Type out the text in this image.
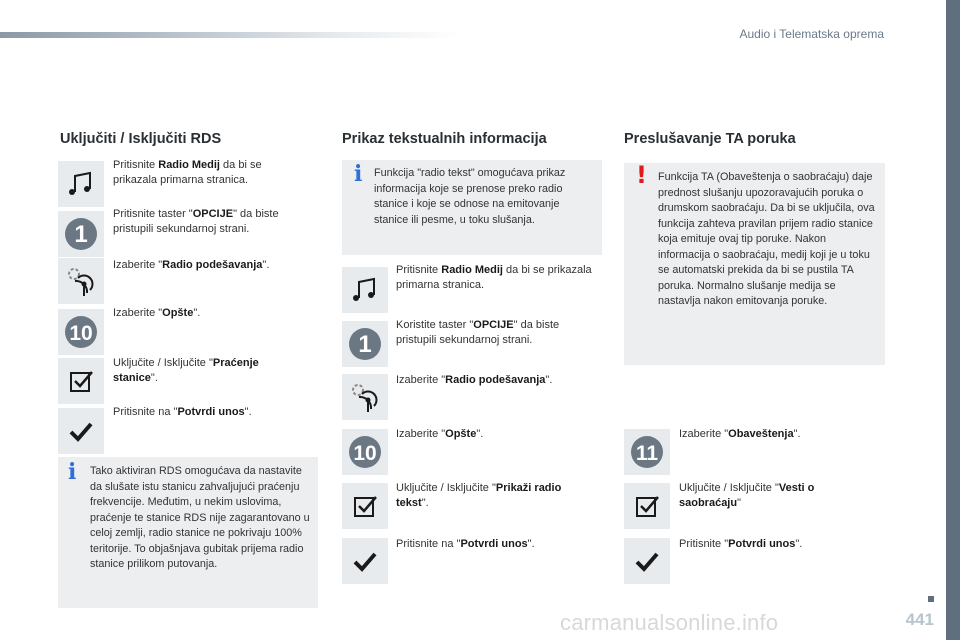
Audio i Telematska oprema
441
carmanualsonline.info
Uključiti / Isključiti RDS
Pritisnite Radio Medij da bi se prikazala primarna stranica.
1
Pritisnite taster "OPCIJE" da biste pristupili sekundarnoj strani.
Izaberite "Radio podešavanja".
10
Izaberite "Opšte".
Uključite / Isključite "Praćenje stanice".
Pritisnite na "Potvrdi unos".
i Tako aktiviran RDS omogućava da nastavite da slušate istu stanicu zahvaljujući praćenju frekvencije. Međutim, u nekim uslovima, praćenje te stanice RDS nije zagarantovano u celoj zemlji, radio stanice ne pokrivaju 100% teritorije. To objašnjava gubitak prijema radio stanice prilikom putovanja.
Prikaz tekstualnih informacija
i Funkcija "radio tekst" omogućava prikaz informacija koje se prenose preko radio stanice i koje se odnose na emitovanje stanice ili pesme, u toku slušanja.
Pritisnite Radio Medij da bi se prikazala primarna stranica.
1
Koristite taster "OPCIJE" da biste pristupili sekundarnoj strani.
Izaberite "Radio podešavanja".
10
Izaberite "Opšte".
Uključite / Isključite "Prikaži radio tekst".
Pritisnite na "Potvrdi unos".
Preslušavanje TA poruka
! Funkcija TA (Obaveštenja o saobraćaju) daje prednost slušanju upozoravajućih poruka o drumskom saobraćaju. Da bi se uključila, ova funkcija zahteva pravilan prijem radio stanice koja emituje ovaj tip poruke. Nakon informacija o saobraćaju, medij koji je u toku se automatski prekida da bi se pustila TA poruka. Normalno slušanje medija se nastavlja nakon emitovanja poruke.
11
Izaberite "Obaveštenja".
Uključite / Isključite "Vesti o saobraćaju"
Pritisnite "Potvrdi unos".
